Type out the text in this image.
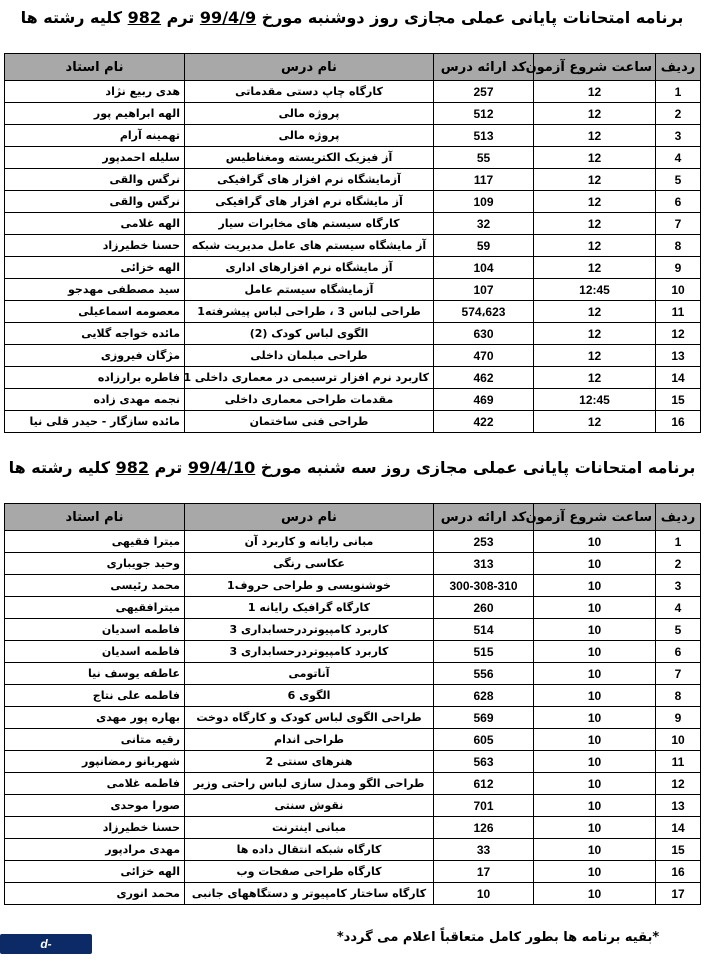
برنامه امتحانات پایانی عملی مجازی روز دوشنبه مورخ 99/4/9 ترم 982 کلیه رشته ها
ردیف	ساعت شروع آزمون	کد ارائه درس	نام درس	نام استاد
1	12	257	کارگاه چاپ دستی مقدماتی	هدی ربیع نژاد
2	12	512	پروژه مالی	الهه ابراهیم پور
3	12	513	پروژه مالی	تهمینه آرام
4	12	55	آز فیزیک الکتریسته ومغناطیس	سلیله احمدپور
5	12	117	آزمایشگاه نرم افزار های گرافیکی	نرگس والقی
6	12	109	آز مایشگاه نرم افزار های گرافیکی	نرگس والقی
7	12	32	کارگاه سیستم های مخابرات سیار	الهه غلامی
8	12	59	آز مایشگاه سیستم های عامل مدیریت شبکه	حسنا خطیرزاد
9	12	104	آز مایشگاه نرم افزارهای اداری	الهه خزائی
10	12:45	107	آزمایشگاه سیستم عامل	سید مصطفی مهدجو
11	12	574،623	طراحی لباس 3 ، طراحی لباس پیشرفته1	معصومه اسماعیلی
12	12	630	الگوی لباس کودک (2)	مائده خواجه گلایی
13	12	470	طراحی مبلمان داخلی	مژگان فیروزی
14	12	462	کاربرد نرم افزار ترسیمی در معماری داخلی 1	فاطره برارزاده
15	12:45	469	مقدمات طراحی معماری داخلی	نجمه مهدی زاده
16	12	422	طراحی فنی ساختمان	مائده سازگار - حیدر قلی نیا
برنامه امتحانات پایانی عملی مجازی روز سه شنبه مورخ 99/4/10 ترم 982 کلیه رشته ها
ردیف	ساعت شروع آزمون	کد ارائه درس	نام درس	نام استاد
1	10	253	مبانی رایانه و کاربرد آن	میترا فقیهی
2	10	313	عکاسی رنگی	وحید جویباری
3	10	300-308-310	خوشنویسی و طراحی حروف1	محمد رئیسی
4	10	260	کارگاه گرافیک رایانه 1	میترافقیهی
5	10	514	کاربرد کامپیوتردرحسابداری 3	فاطمه اسدیان
6	10	515	کاربرد کامپیوتردرحسابداری 3	فاطمه اسدیان
7	10	556	آناتومی	عاطفه یوسف نیا
8	10	628	الگوی 6	فاطمه علی نتاج
9	10	569	طراحی الگوی لباس کودک و کارگاه دوخت	بهاره پور مهدی
10	10	605	طراحی اندام	رقیه متانی
11	10	563	هنرهای سنتی 2	شهربانو رمضانپور
12	10	612	طراحی الگو ومدل سازی لباس راحتی وزیر	فاطمه غلامی
13	10	701	نقوش سنتی	صورا موحدی
14	10	126	مبانی اینترنت	حسنا خطیرزاد
15	10	33	کارگاه شبکه انتقال داده ها	مهدی مرادپور
16	10	17	کارگاه طراحی صفحات وب	الهه خزائی
17	10	10	کارگاه ساختار کامپیوتر و دستگاههای جانبی	محمد انوری
d-babol.nus.ac.ir
*بقیه برنامه ها بطور کامل متعاقباً اعلام می گردد*
